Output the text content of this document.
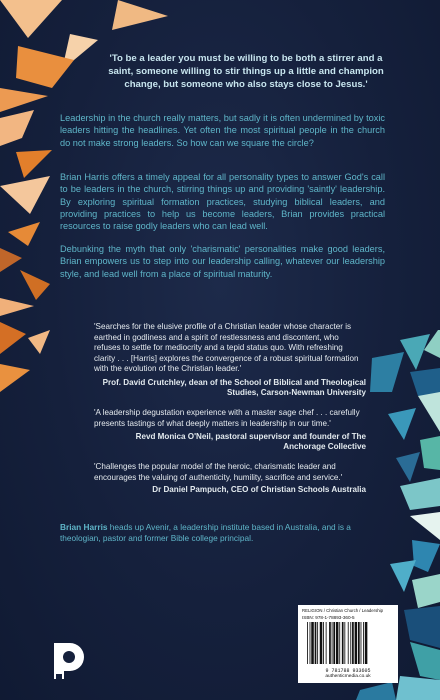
'To be a leader you must be willing to be both a stirrer and a saint, someone willing to stir things up a little and champion change, but someone who also stays close to Jesus.'

Leadership in the church really matters, but sadly it is often undermined by toxic leaders hitting the headlines. Yet often the most spiritual people in the church do not make strong leaders. So how can we square the circle?

Brian Harris offers a timely appeal for all personality types to answer God's call to be leaders in the church, stirring things up and providing 'saintly' leadership. By exploring spiritual formation practices, studying biblical leaders, and providing practices to help us become leaders, Brian provides practical resources to raise godly leaders who can lead well.

Debunking the myth that only 'charismatic' personalities make good leaders, Brian empowers us to step into our leadership calling, whatever our leadership style, and lead well from a place of spiritual maturity.

'Searches for the elusive profile of a Christian leader whose character is earthed in godliness and a spirit of restlessness and discontent, who refuses to settle for mediocrity and a tepid status quo. With refreshing clarity . . . [Harris] explores the convergence of a robust spiritual formation with the evolution of the Christian leader.'

Prof. David Crutchley, dean of the School of Biblical and Theological Studies, Carson-Newman University

'A leadership degustation experience with a master sage chef . . . carefully presents tastings of what deeply matters in leadership in our time.'

Revd Monica O'Neil, pastoral supervisor and founder of The Anchorage Collective

'Challenges the popular model of the heroic, charismatic leader and encourages the valuing of authenticity, humility, sacrifice and service.'

Dr Daniel Pampuch, CEO of Christian Schools Australia

Brian Harris heads up Avenir, a leadership institute based in Australia, and is a theologian, pastor and former Bible college principal.

RELIGION / Christian Church / Leadership
ISBN: 978-1-78893-360-5
9 781788 933605
authenticmedia.co.uk
